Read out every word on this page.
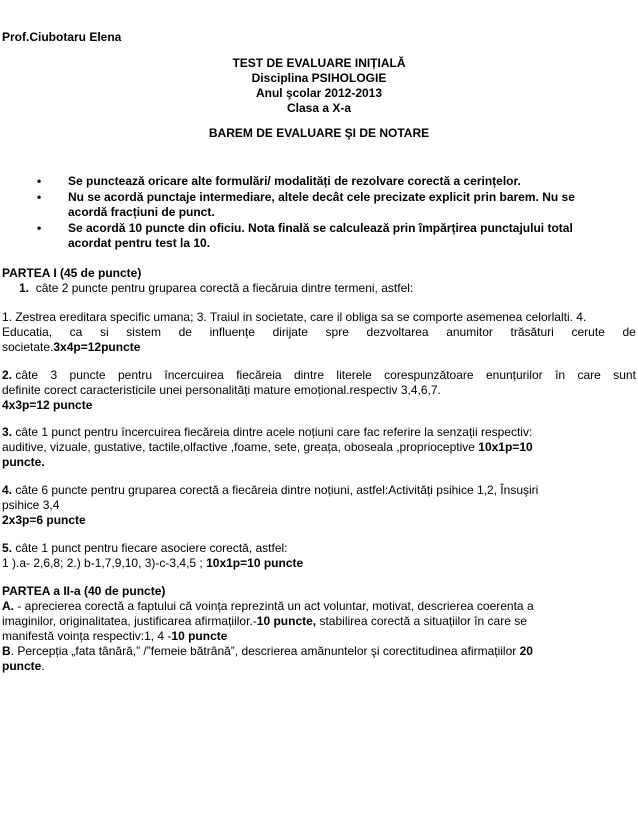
Prof.Ciubotaru Elena
TEST DE EVALUARE INIȚIALĂ
Disciplina PSIHOLOGIE
Anul şcolar 2012-2013
Clasa a X-a
BAREM DE EVALUARE ŞI DE NOTARE
• Se punctează oricare alte formulări/ modalități de rezolvare corectă a cerințelor.
• Nu se acordă punctaje intermediare, altele decât cele precizate explicit prin barem. Nu se
acordă fracțiuni de punct.
• Se acordă 10 puncte din oficiu. Nota finală se calculează prin împărțirea punctajului total
acordat pentru test la 10.
PARTEA I (45 de puncte)
1. câte 2 puncte pentru gruparea corectă a fiecăruia dintre termeni, astfel:
1. Zestrea ereditara specific umana; 3. Traiul in societate, care il obliga sa se comporte asemenea celorlalti. 4.
Educatia, ca si sistem de influențe dirijate spre dezvoltarea anumitor trăsături cerute de
societate.3x4p=12puncte
2. câte 3 puncte pentru încercuirea fiecăreia dintre literele corespunzătoare enunțurilor în care sunt
definite corect caracteristicile unei personalități mature emoțional.respectiv 3,4,6,7.
4x3p=12 puncte
3. câte 1 punct pentru încercuirea fiecăreia dintre acele noțiuni care fac referire la senzații respectiv:
auditive, vizuale, gustative, tactile,olfactive ,foame, sete, greața, oboseala ,proprioceptive 10x1p=10
puncte.
4. câte 6 puncte pentru gruparea corectă a fiecăreia dintre noțiuni, astfel:Activități psihice 1,2, Însuşiri
psihice 3,4
2x3p=6 puncte
5. câte 1 punct pentru fiecare asociere corectă, astfel:
1 ).a- 2,6,8; 2.) b-1,7,9,10, 3)-c-3,4,5 ; 10x1p=10 puncte
PARTEA a II-a (40 de puncte)
A. - aprecierea corectă a faptului că voința reprezintă un act voluntar, motivat, descrierea coerenta a
imaginilor, originalitatea, justificarea afirmațiilor.-10 puncte, stabilirea corectă a situațiilor în care se
manifestă voința respectiv:1, 4 -10 puncte
B. Percepția „fata tânără,” /”femeie bătrână”, descrierea amănuntelor şi corectitudinea afirmațiilor 20
puncte.
